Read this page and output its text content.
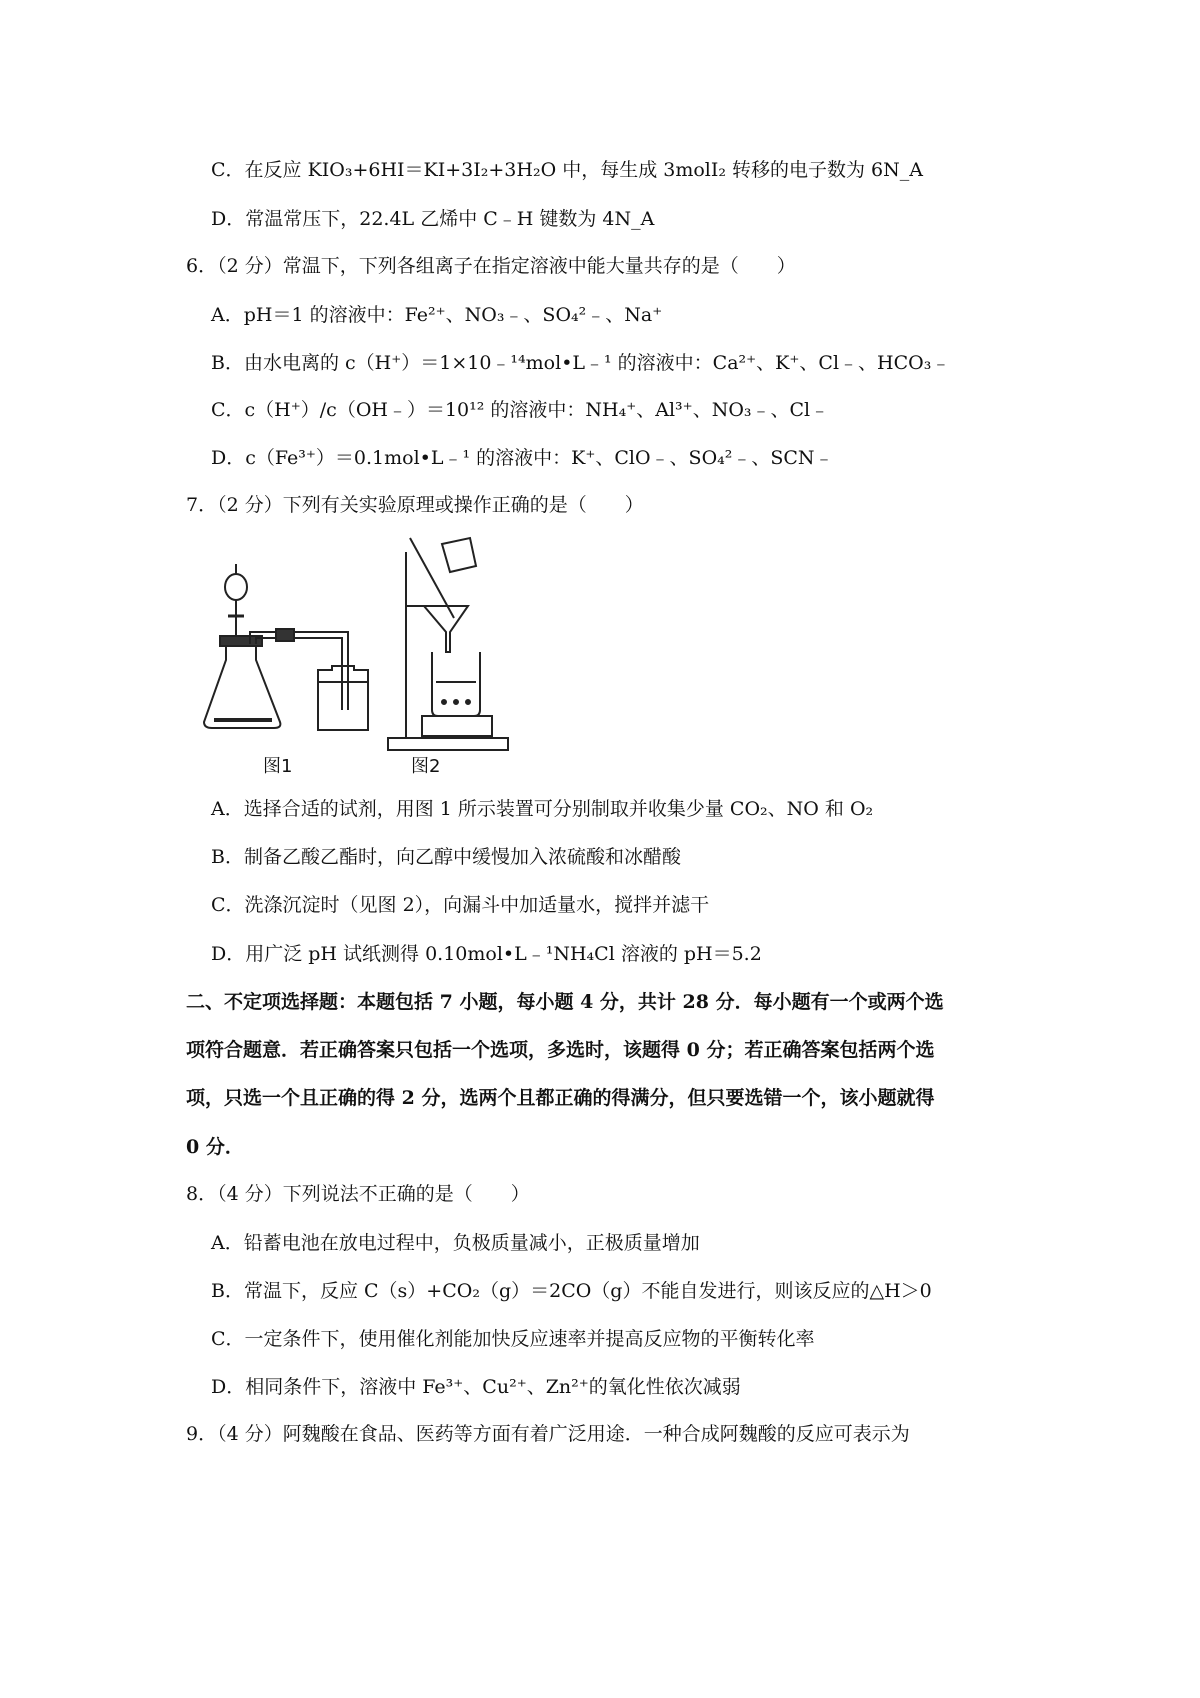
C．在反应 KIO₃+6HI＝KI+3I₂+3H₂O 中，每生成 3molI₂ 转移的电子数为 6N_A
D．常温常压下，22.4L 乙烯中 C﹣H 键数为 4N_A
6．（2 分）常温下，下列各组离子在指定溶液中能大量共存的是（　　）
A．pH＝1 的溶液中：Fe²⁺、NO₃﹣、SO₄²﹣、Na⁺
B．由水电离的 c（H⁺）＝1×10﹣¹⁴mol•L﹣¹ 的溶液中：Ca²⁺、K⁺、Cl﹣、HCO₃﹣
C．c（H⁺）/c（OH﹣）＝10¹² 的溶液中：NH₄⁺、Al³⁺、NO₃﹣、Cl﹣
D．c（Fe³⁺）＝0.1mol•L﹣¹ 的溶液中：K⁺、ClO﹣、SO₄²﹣、SCN﹣
7．（2 分）下列有关实验原理或操作正确的是（　　）
A．选择合适的试剂，用图 1 所示装置可分别制取并收集少量 CO₂、NO 和 O₂
B．制备乙酸乙酯时，向乙醇中缓慢加入浓硫酸和冰醋酸
C．洗涤沉淀时（见图 2），向漏斗中加适量水，搅拌并滤干
D．用广泛 pH 试纸测得 0.10mol•L﹣¹NH₄Cl 溶液的 pH＝5.2
二、不定项选择题：本题包括 7 小题，每小题 4 分，共计 28 分．每小题有一个或两个选
项符合题意．若正确答案只包括一个选项，多选时，该题得 0 分；若正确答案包括两个选
项，只选一个且正确的得 2 分，选两个且都正确的得满分，但只要选错一个，该小题就得
0 分．
8．（4 分）下列说法不正确的是（　　）
A．铅蓄电池在放电过程中，负极质量减小，正极质量增加
B．常温下，反应 C（s）+CO₂（g）＝2CO（g）不能自发进行，则该反应的△H＞0
C．一定条件下，使用催化剂能加快反应速率并提高反应物的平衡转化率
D．相同条件下，溶液中 Fe³⁺、Cu²⁺、Zn²⁺的氧化性依次减弱
9．（4 分）阿魏酸在食品、医药等方面有着广泛用途．一种合成阿魏酸的反应可表示为
图1	图2
